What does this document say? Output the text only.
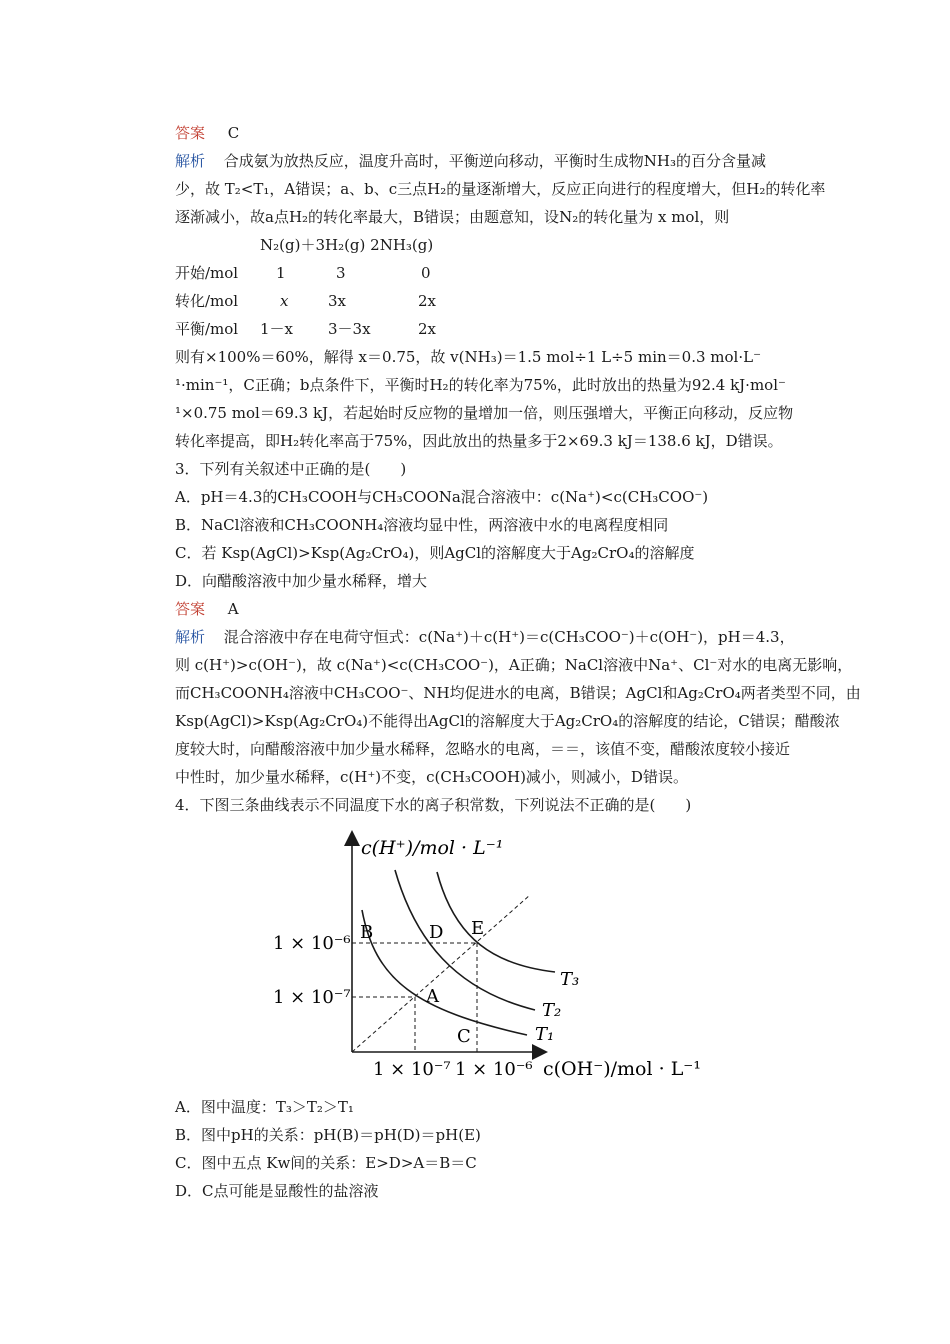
答案 C
解析 合成氨为放热反应，温度升高时，平衡逆向移动，平衡时生成物NH₃的百分含量减
少，故 T₂<T₁，A错误；a、b、c三点H₂的量逐渐增大，反应正向进行的程度增大，但H₂的转化率
逐渐减小，故a点H₂的转化率最大，B错误；由题意知，设N₂的转化量为 x mol，则
N₂(g)＋3H₂(g) 2NH₃(g)
开始/mol	1	3	0
转化/mol	x	3x	2x
平衡/mol 1－x 3－3x	2x
则有×100%＝60%，解得 x＝0.75，故 v(NH₃)＝1.5 mol÷1 L÷5 min＝0.3 mol·L⁻
¹·min⁻¹，C正确；b点条件下，平衡时H₂的转化率为75%，此时放出的热量为92.4 kJ·mol⁻
¹×0.75 mol＝69.3 kJ，若起始时反应物的量增加一倍，则压强增大，平衡正向移动，反应物
转化率提高，即H₂转化率高于75%，因此放出的热量多于2×69.3 kJ＝138.6 kJ，D错误。
3．下列有关叙述中正确的是(　　)
A．pH＝4.3的CH₃COOH与CH₃COONa混合溶液中：c(Na⁺)<c(CH₃COO⁻)
B．NaCl溶液和CH₃COONH₄溶液均显中性，两溶液中水的电离程度相同
C．若 Ksp(AgCl)>Ksp(Ag₂CrO₄)，则AgCl的溶解度大于Ag₂CrO₄的溶解度
D．向醋酸溶液中加少量水稀释，增大
答案 A
解析 混合溶液中存在电荷守恒式：c(Na⁺)＋c(H⁺)＝c(CH₃COO⁻)＋c(OH⁻)，pH＝4.3，
则 c(H⁺)>c(OH⁻)，故 c(Na⁺)<c(CH₃COO⁻)，A正确；NaCl溶液中Na⁺、Cl⁻对水的电离无影响，
而CH₃COONH₄溶液中CH₃COO⁻、NH均促进水的电离，B错误；AgCl和Ag₂CrO₄两者类型不同，由
Ksp(AgCl)>Ksp(Ag₂CrO₄)不能得出AgCl的溶解度大于Ag₂CrO₄的溶解度的结论，C错误；醋酸浓
度较大时，向醋酸溶液中加少量水稀释，忽略水的电离，＝＝，该值不变，醋酸浓度较小接近
中性时，加少量水稀释，c(H⁺)不变，c(CH₃COOH)减小，则减小，D错误。
4．下图三条曲线表示不同温度下水的离子积常数，下列说法不正确的是(　　)
c(H⁺)/mol · L⁻¹
c(OH⁻)/mol · L⁻¹
1 × 10⁻⁶
1 × 10⁻⁷
1 × 10⁻⁷ 1 × 10⁻⁶
B	D E
A
C
T₃
T₂
T₁
A．图中温度：T₃＞T₂＞T₁
B．图中pH的关系：pH(B)＝pH(D)＝pH(E)
C．图中五点 Kw间的关系：E>D>A＝B＝C
D．C点可能是显酸性的盐溶液
